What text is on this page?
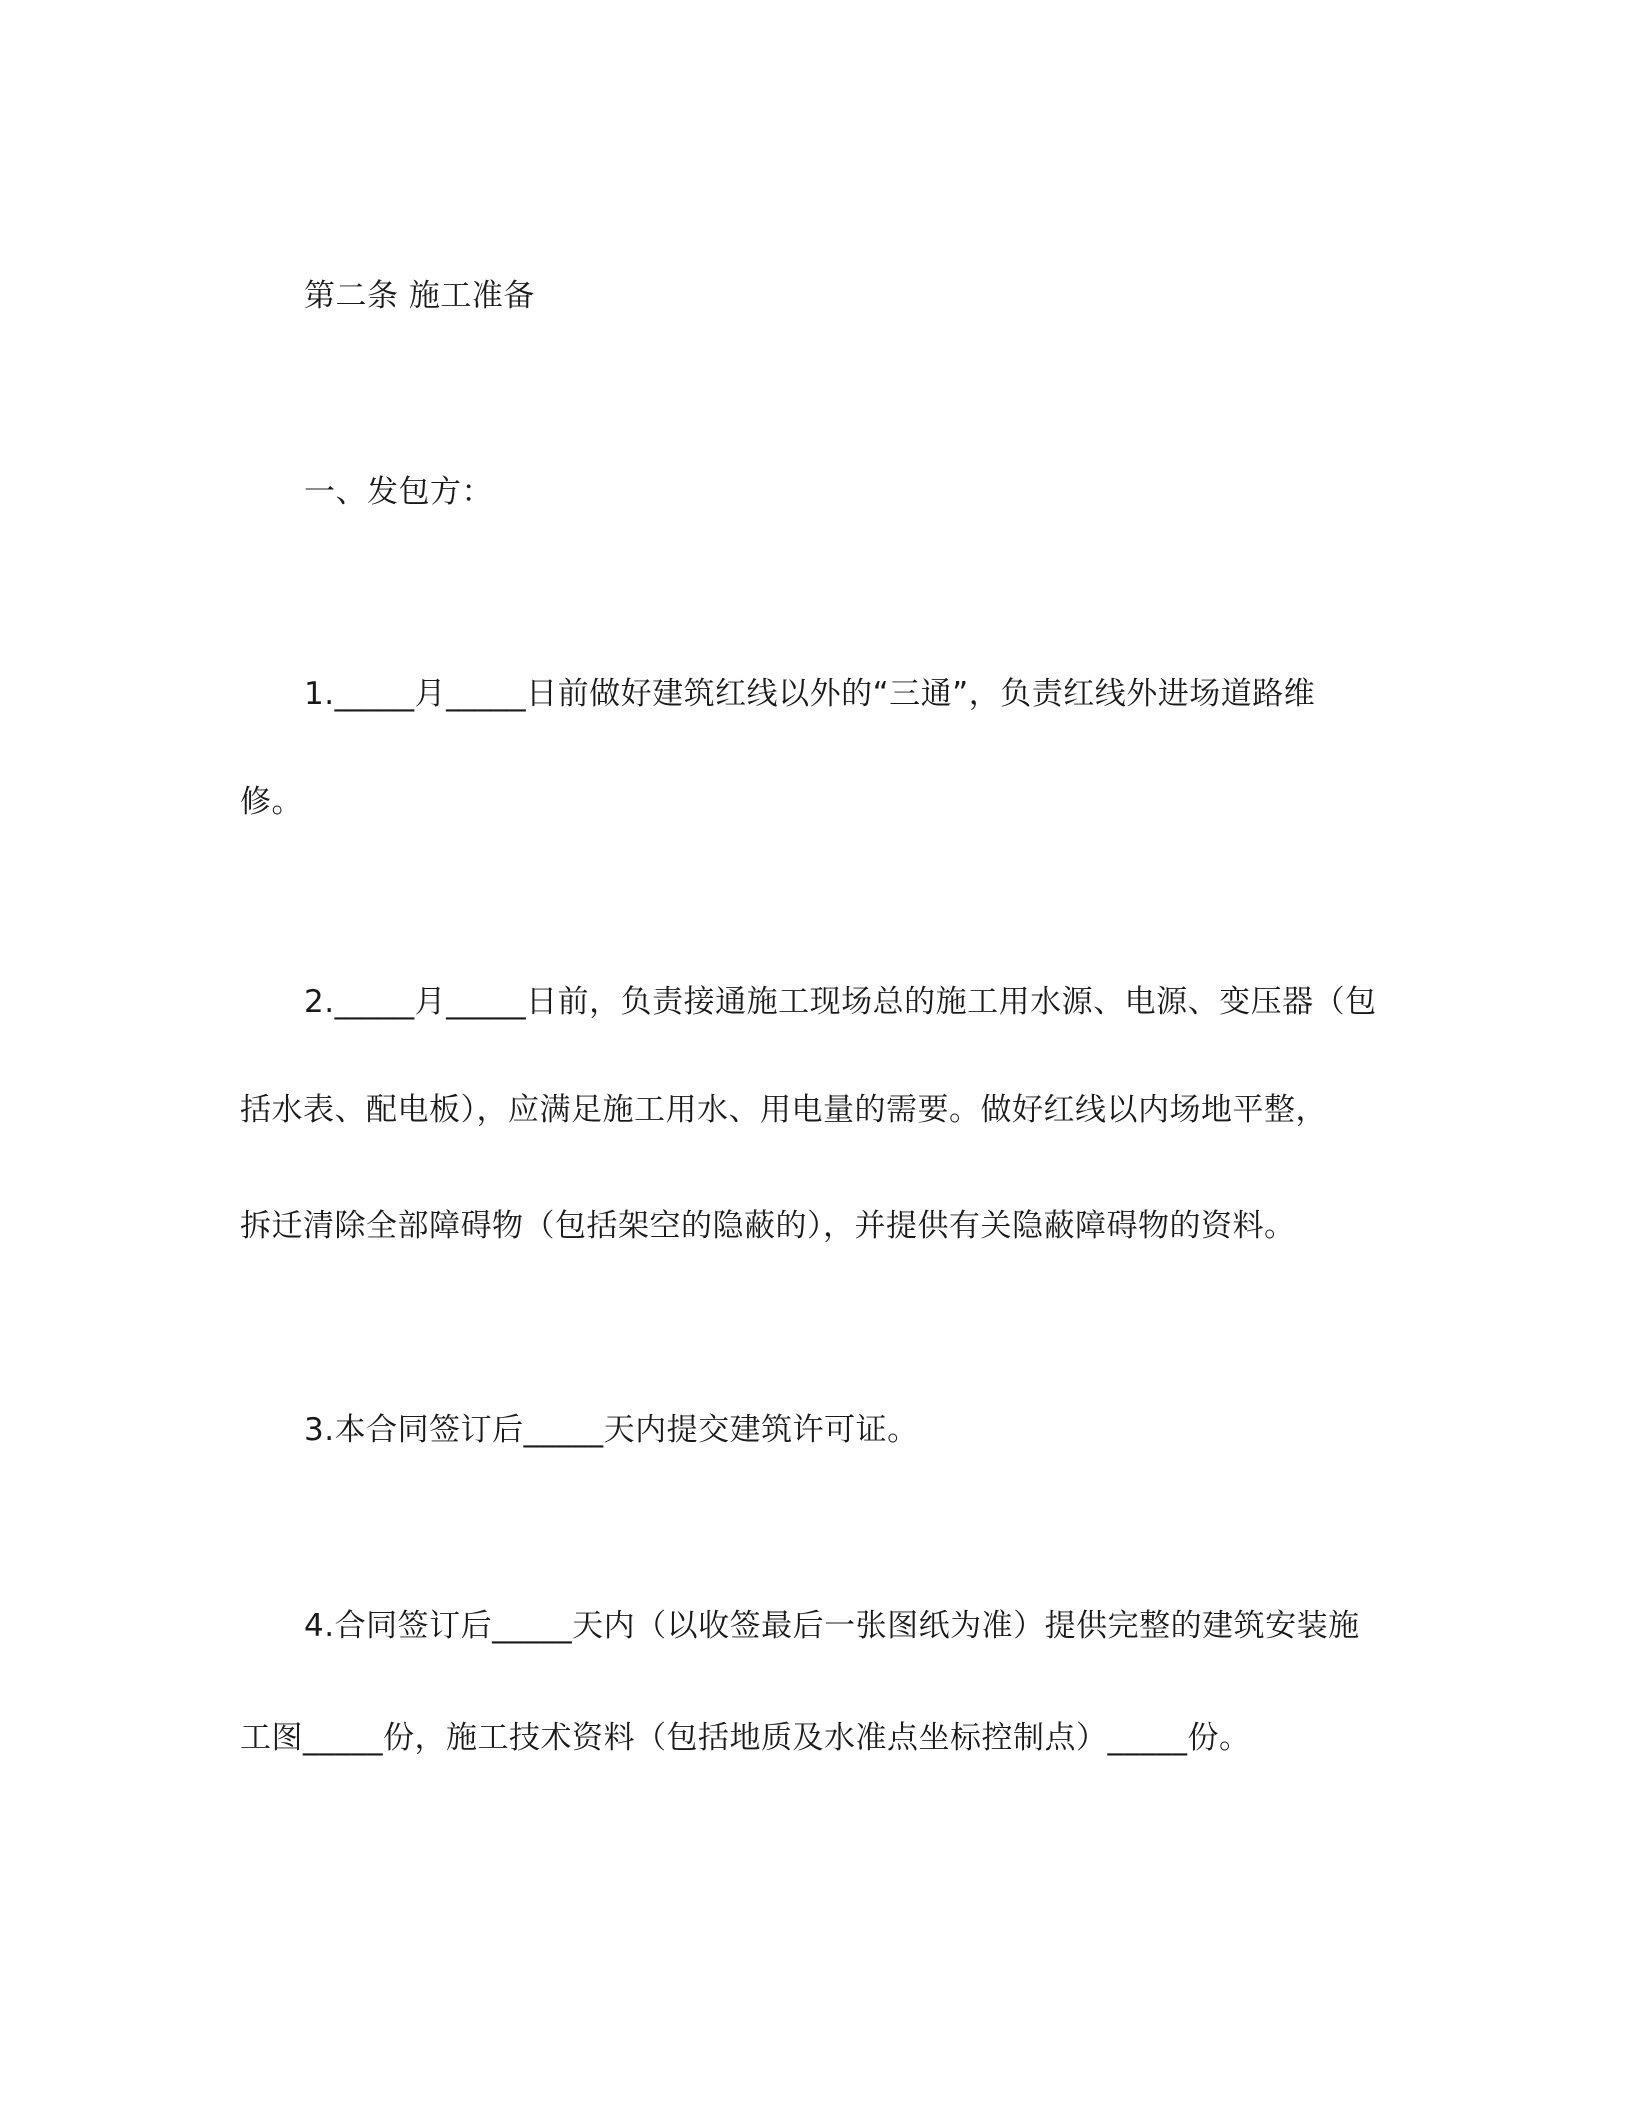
第二条 施工准备
一、发包方：
1._____月_____日前做好建筑红线以外的“三通”，负责红线外进场道路维
修。
2._____月_____日前，负责接通施工现场总的施工用水源、电源、变压器（包
括水表、配电板），应满足施工用水、用电量的需要。做好红线以内场地平整，
拆迁清除全部障碍物（包括架空的隐蔽的），并提供有关隐蔽障碍物的资料。
3.本合同签订后_____天内提交建筑许可证。
4.合同签订后_____天内（以收签最后一张图纸为准）提供完整的建筑安装施
工图_____份，施工技术资料（包括地质及水准点坐标控制点）_____份。
